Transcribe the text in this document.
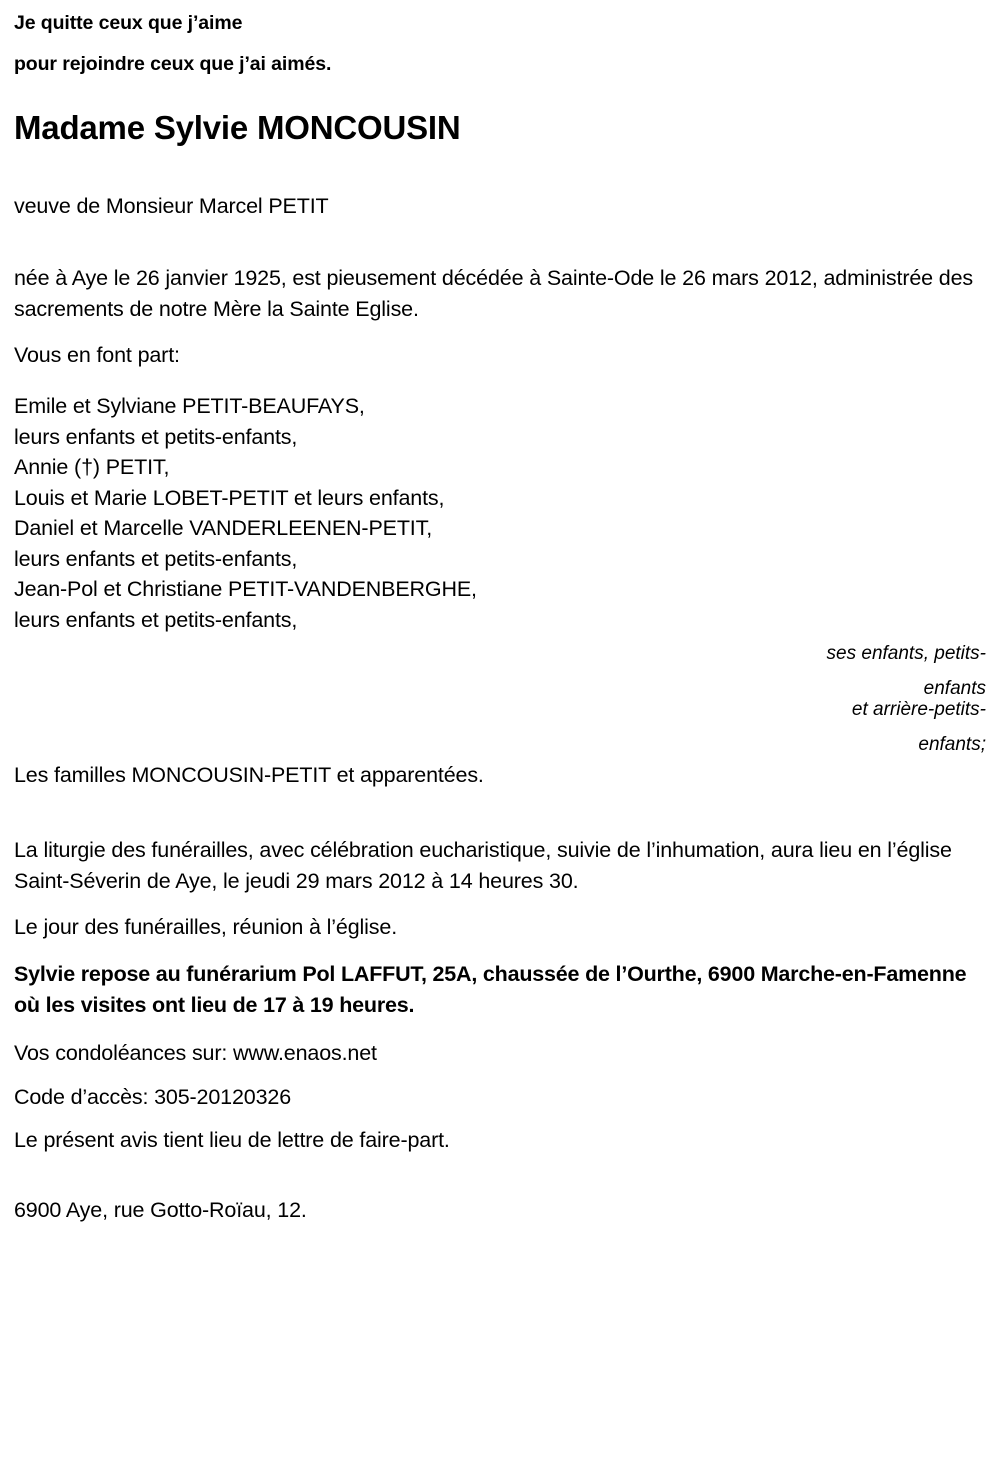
Je quitte ceux que j’aime
pour rejoindre ceux que j’ai aimés.
Madame Sylvie MONCOUSIN
veuve de Monsieur Marcel PETIT
née à Aye le 26 janvier 1925, est pieusement décédée à Sainte-Ode le 26 mars 2012, administrée des sacrements de notre Mère la Sainte Eglise.
Vous en font part:
Emile et Sylviane PETIT-BEAUFAYS,
leurs enfants et petits-enfants,
Annie (†) PETIT,
Louis et Marie LOBET-PETIT et leurs enfants,
Daniel et Marcelle VANDERLEENEN-PETIT,
leurs enfants et petits-enfants,
Jean-Pol et Christiane PETIT-VANDENBERGHE,
leurs enfants et petits-enfants,
ses enfants, petits-
enfants
et arrière-petits-
enfants;
Les familles MONCOUSIN-PETIT et apparentées.
La liturgie des funérailles, avec célébration eucharistique, suivie de l’inhumation, aura lieu en l’église Saint-Séverin de Aye, le jeudi 29 mars 2012 à 14 heures 30.
Le jour des funérailles, réunion à l’église.
Sylvie repose au funérarium Pol LAFFUT, 25A, chaussée de l’Ourthe, 6900 Marche-en-Famenne où les visites ont lieu de 17 à 19 heures.
Vos condoléances sur: www.enaos.net
Code d’accès: 305-20120326
Le présent avis tient lieu de lettre de faire-part.
6900 Aye, rue Gotto-Roïau, 12.
